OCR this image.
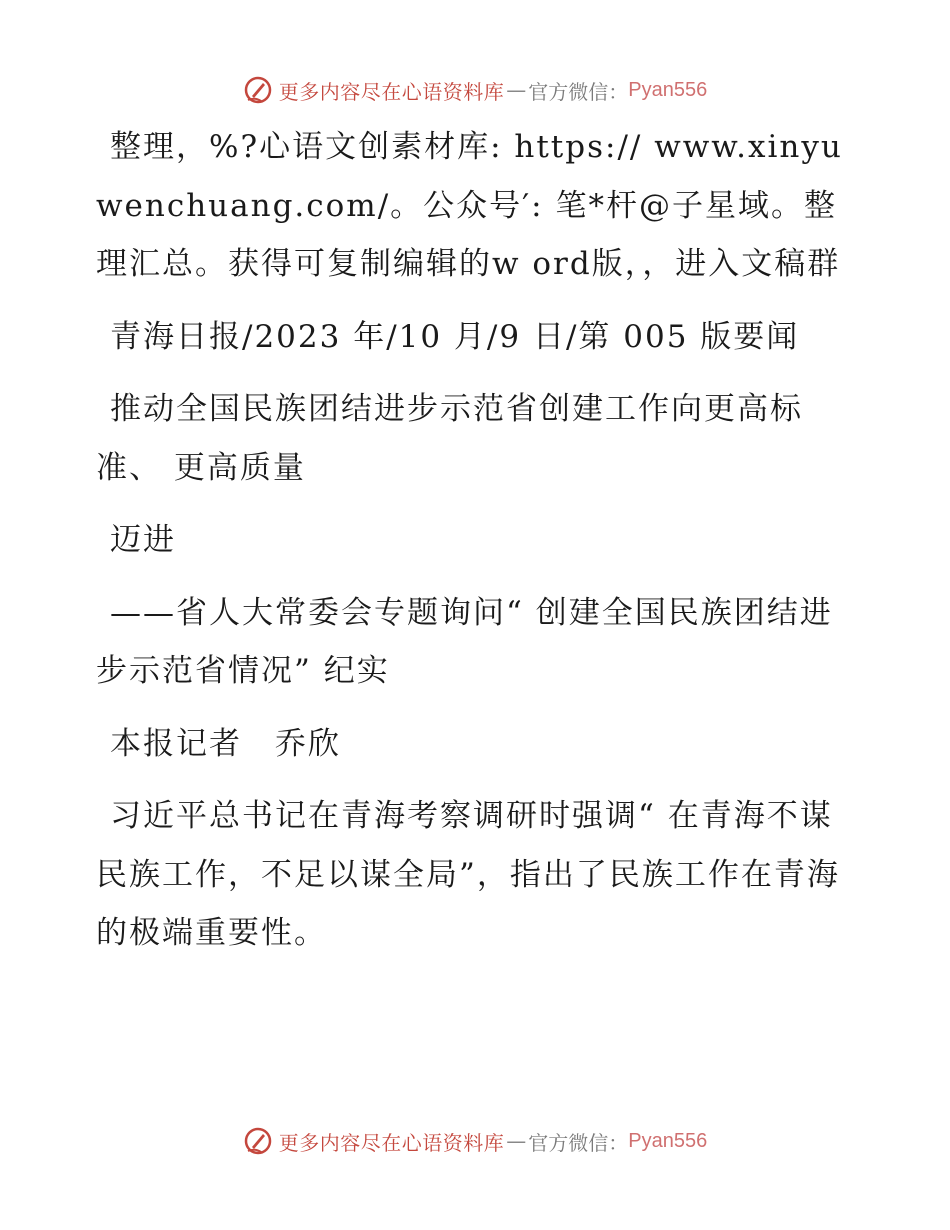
更多内容尽在心语资料库 — 官方微信： Pyan556

整理，%?心语文创素材库: https:// www.xinyuwenchuang.com/。公众号′: 笔*杆@子星域。整理汇总。获得可复制编辑的w ord版，，进入文稿群

青海日报/2023 年/10 月/9 日/第 005 版要闻

推动全国民族团结进步示范省创建工作向更高标准、 更高质量

迈进

——省人大常委会专题询问“ 创建全国民族团结进步示范省情况” 纪实

本报记者　乔欣

习近平总书记在青海考察调研时强调“ 在青海不谋民族工作，不足以谋全局”，指出了民族工作在青海的极端重要性。

更多内容尽在心语资料库 — 官方微信： Pyan556
